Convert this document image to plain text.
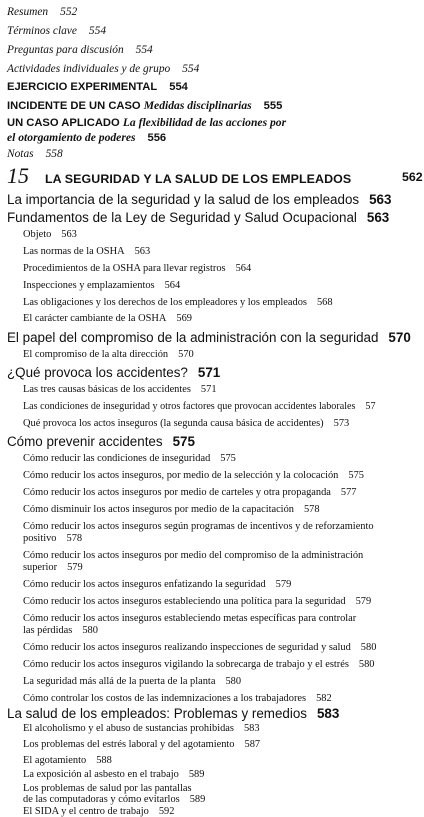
Resumen 552
Términos clave 554
Preguntas para discusión 554
Actividades individuales y de grupo 554
EJERCICIO EXPERIMENTAL 554
INCIDENTE DE UN CASO Medidas disciplinarias 555
UN CASO APLICADO La flexibilidad de las acciones por
el otorgamiento de poderes 556
Notas 558
15 LA SEGURIDAD Y LA SALUD DE LOS EMPLEADOS	562
La importancia de la seguridad y la salud de los empleados 563
Fundamentos de la Ley de Seguridad y Salud Ocupacional 563
Objeto 563
Las normas de la OSHA 563
Procedimientos de la OSHA para llevar registros 564
Inspecciones y emplazamientos 564
Las obligaciones y los derechos de los empleadores y los empleados 568
El carácter cambiante de la OSHA 569
El papel del compromiso de la administración con la seguridad 570
El compromiso de la alta dirección 570
¿Qué provoca los accidentes? 571
Las tres causas básicas de los accidentes 571
Las condiciones de inseguridad y otros factores que provocan accidentes laborales 57
Qué provoca los actos inseguros (la segunda causa básica de accidentes) 573
Cómo prevenir accidentes 575
Cómo reducir las condiciones de inseguridad 575
Cómo reducir los actos inseguros, por medio de la selección y la colocación 575
Cómo reducir los actos inseguros por medio de carteles y otra propaganda 577
Cómo disminuir los actos inseguros por medio de la capacitación 578
Cómo reducir los actos inseguros según programas de incentivos y de reforzamiento
positivo 578
Cómo reducir los actos inseguros por medio del compromiso de la administración
superior 579
Cómo reducir los actos inseguros enfatizando la seguridad 579
Cómo reducir los actos inseguros estableciendo una política para la seguridad 579
Cómo reducir los actos inseguros estableciendo metas específicas para controlar
las pérdidas 580
Cómo reducir los actos inseguros realizando inspecciones de seguridad y salud 580
Cómo reducir los actos inseguros vigilando la sobrecarga de trabajo y el estrés 580
La seguridad más allá de la puerta de la planta 580
Cómo controlar los costos de las indemnizaciones a los trabajadores 582
La salud de los empleados: Problemas y remedios 583
El alcoholismo y el abuso de sustancias prohibidas 583
Los problemas del estrés laboral y del agotamiento 587
El agotamiento 588
La exposición al asbesto en el trabajo 589
Los problemas de salud por las pantallas
de las computadoras y cómo evitarlos 589
El SIDA y el centro de trabajo 592
